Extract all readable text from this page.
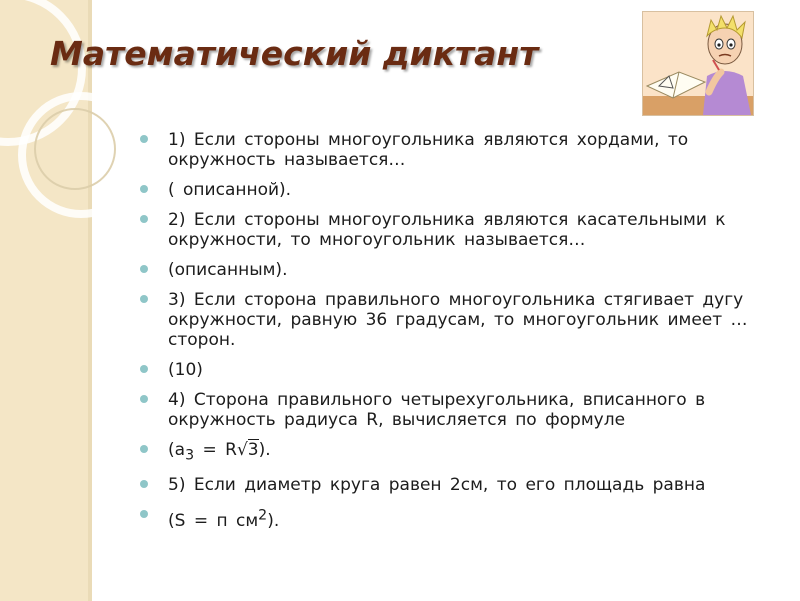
Математический диктант
1) Если стороны многоугольника являются хордами, то окружность называется…
( описанной).
2) Если стороны многоугольника являются касательными к окружности, то многоугольник называется…
(описанным).
3) Если сторона правильного многоугольника стягивает дугу окружности, равную 36 градусам, то многоугольник имеет …сторон.
(10)
4) Сторона правильного четырехугольника, вписанного в окружность радиуса R, вычисляется по формуле
$(a_3 = R√3)$.
5) Если диаметр круга равен 2см, то его площадь равна
(S = п $см^2$).
